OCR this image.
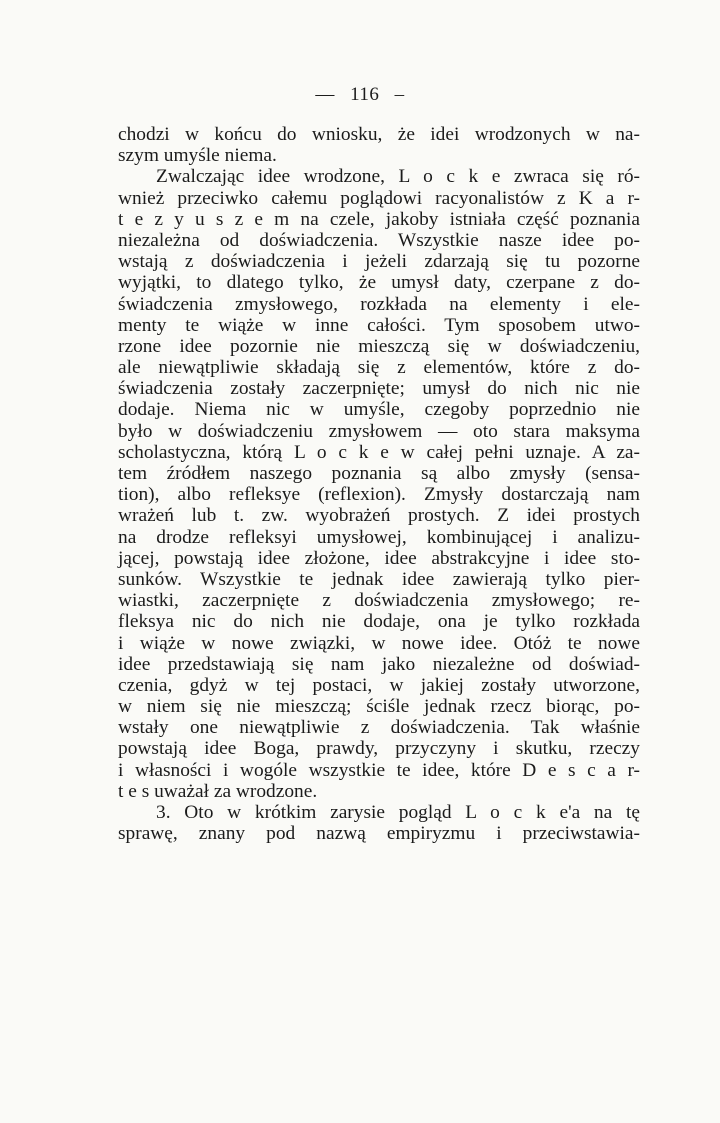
— 116 –
chodzi w końcu do wniosku, że idei wrodzonych w na-
szym umyśle niema.
Zwalczając idee wrodzone, L o c k e zwraca się ró-
wnież przeciwko całemu poglądowi racyonalistów z K a r-
t e z y u s z e m na czele, jakoby istniała część poznania
niezależna od doświadczenia. Wszystkie nasze idee po-
wstają z doświadczenia i jeżeli zdarzają się tu pozorne
wyjątki, to dlatego tylko, że umysł daty, czerpane z do-
świadczenia zmysłowego, rozkłada na elementy i ele-
menty te wiąże w inne całości. Tym sposobem utwo-
rzone idee pozornie nie mieszczą się w doświadczeniu,
ale niewątpliwie składają się z elementów, które z do-
świadczenia zostały zaczerpnięte; umysł do nich nic nie
dodaje. Niema nic w umyśle, czegoby poprzednio nie
było w doświadczeniu zmysłowem — oto stara maksyma
scholastyczna, którą L o c k e w całej pełni uznaje. A za-
tem źródłem naszego poznania są albo zmysły (sensa-
tion), albo refleksye (reflexion). Zmysły dostarczają nam
wrażeń lub t. zw. wyobrażeń prostych. Z idei prostych
na drodze refleksyi umysłowej, kombinującej i analizu-
jącej, powstają idee złożone, idee abstrakcyjne i idee sto-
sunków. Wszystkie te jednak idee zawierają tylko pier-
wiastki, zaczerpnięte z doświadczenia zmysłowego; re-
fleksya nic do nich nie dodaje, ona je tylko rozkłada
i wiąże w nowe związki, w nowe idee. Otóż te nowe
idee przedstawiają się nam jako niezależne od doświad-
czenia, gdyż w tej postaci, w jakiej zostały utworzone,
w niem się nie mieszczą; ściśle jednak rzecz biorąc, po-
wstały one niewątpliwie z doświadczenia. Tak właśnie
powstają idee Boga, prawdy, przyczyny i skutku, rzeczy
i własności i wogóle wszystkie te idee, które D e s c a r-
t e s uważał za wrodzone.
3. Oto w krótkim zarysie pogląd L o c k e'a na tę
sprawę, znany pod nazwą empiryzmu i przeciwstawia-
